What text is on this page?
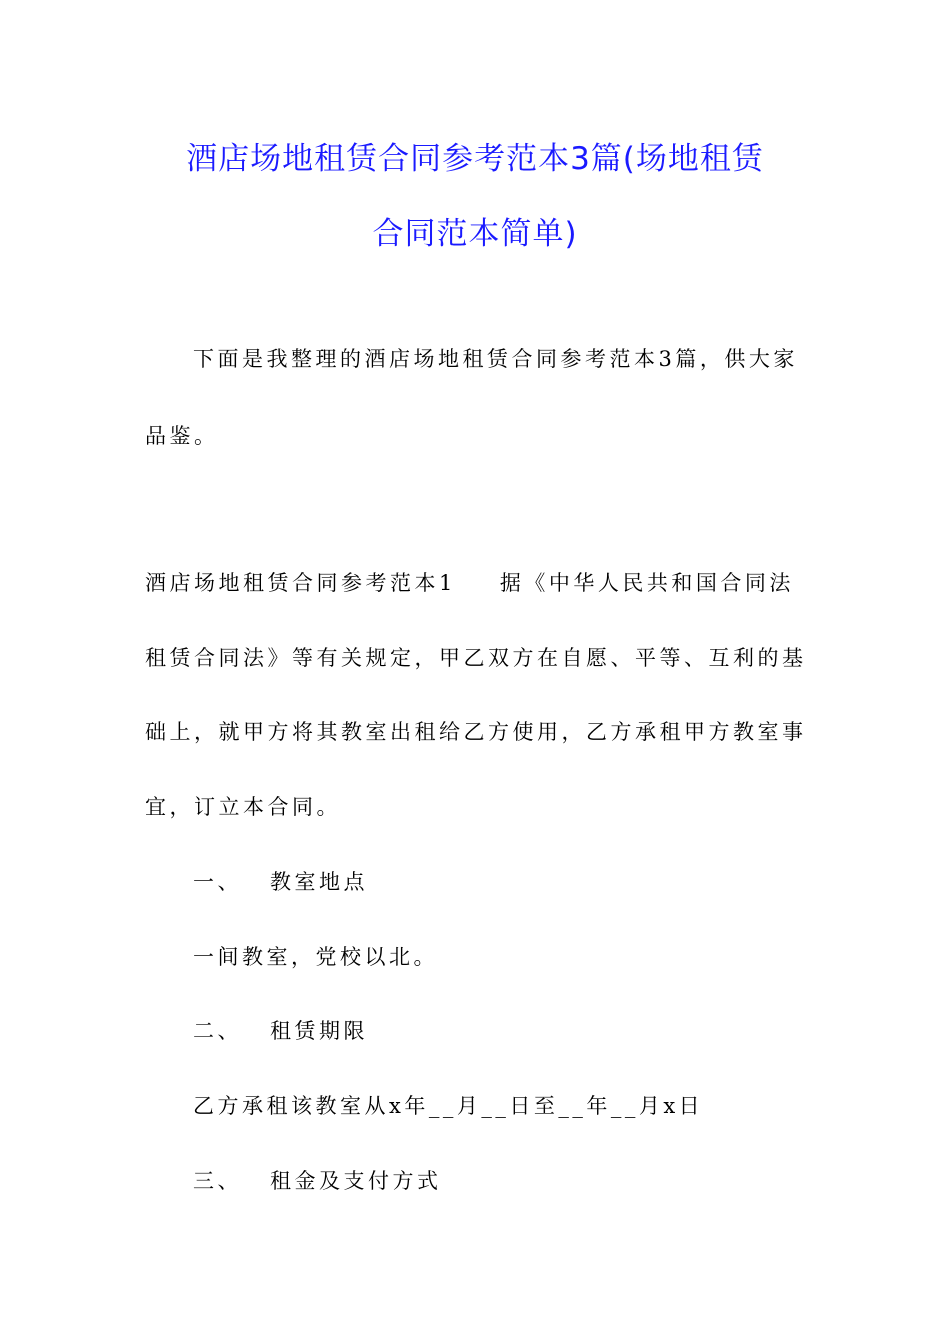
酒店场地租赁合同参考范本3篇(场地租赁
合同范本简单)
下面是我整理的酒店场地租赁合同参考范本3篇，供大家
品鉴。
酒店场地租赁合同参考范本1 据《中华人民共和国合同法
租赁合同法》等有关规定，甲乙双方在自愿、平等、互利的基
础上，就甲方将其教室出租给乙方使用，乙方承租甲方教室事
宜，订立本合同。
一、 教室地点
一间教室，党校以北。
二、 租赁期限
乙方承租该教室从x年__月__日至__年__月x日
三、 租金及支付方式
